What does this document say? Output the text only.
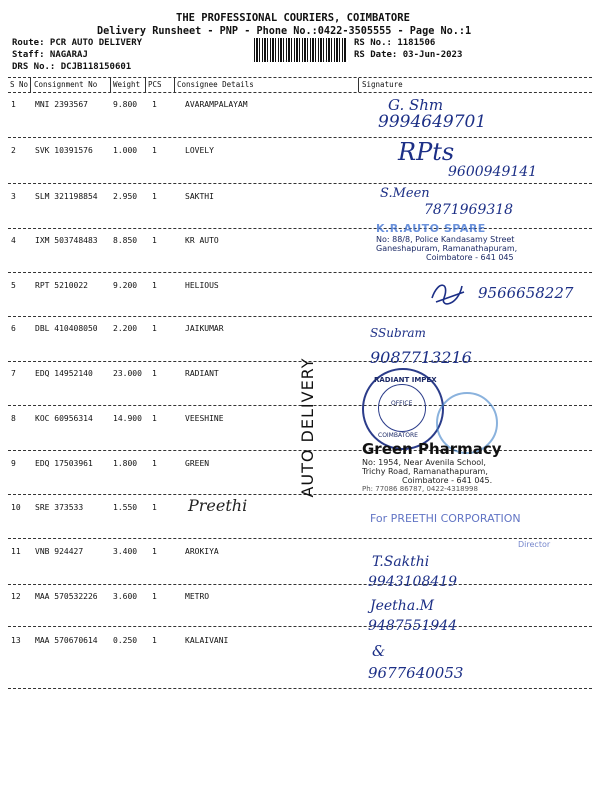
THE PROFESSIONAL COURIERS, COIMBATORE
Delivery Runsheet - PNP - Phone No.:0422-3505555 - Page No.:1
Route: PCR AUTO DELIVERY
Staff: NAGARAJ
DRS No.: DCJB118150601
RS No.: 1181506
RS Date: 03-Jun-2023
S No Consignment No Weight PCS Consignee Details	Signature
1 MNI 2393567	9.800 1	AVARAMPALAYAM
2 SVK 10391576	1.000 1	LOVELY
3 SLM 321198854 2.950 1	SAKTHI
4 IXM 503748483 8.850 1	KR AUTO
5 RPT 5210022	9.200 1	HELIOUS
6 DBL 410408050 2.200 1	JAIKUMAR
7 EDQ 14952140	23.000 1	RADIANT
8 KOC 60956314	14.900 1	VEESHINE
9 EDQ 17503961	1.800 1	GREEN
10 SRE 373533	1.550 1 Preethi
11 VNB 924427	3.400 1	AROKIYA
12 MAA 570532226 3.600 1	METRO
13 MAA 570670614 0.250 1	KALAIVANI
AUTO DELIVERY
G. Shm
9994649701
RPts
9600949141
S.Meen
7871969318
9566658227
SSubram
9087713216
T.Sakthi
9943108419
Jeetha.M
9487551944
&
9677640053
K.R.AUTO SPARE
No: 88/8, Police Kandasamy Street
Ganeshapuram, Ramanathapuram,
Coimbatore - 641 045
RADIANT IMPEX
OFFICE
COIMBATORE
Green Pharmacy
No: 1954, Near Avenila School,
Trichy Road, Ramanathapuram,
Coimbatore - 641 045.
Ph: 77086 86787, 0422-4318998
For PREETHI CORPORATION
Director
